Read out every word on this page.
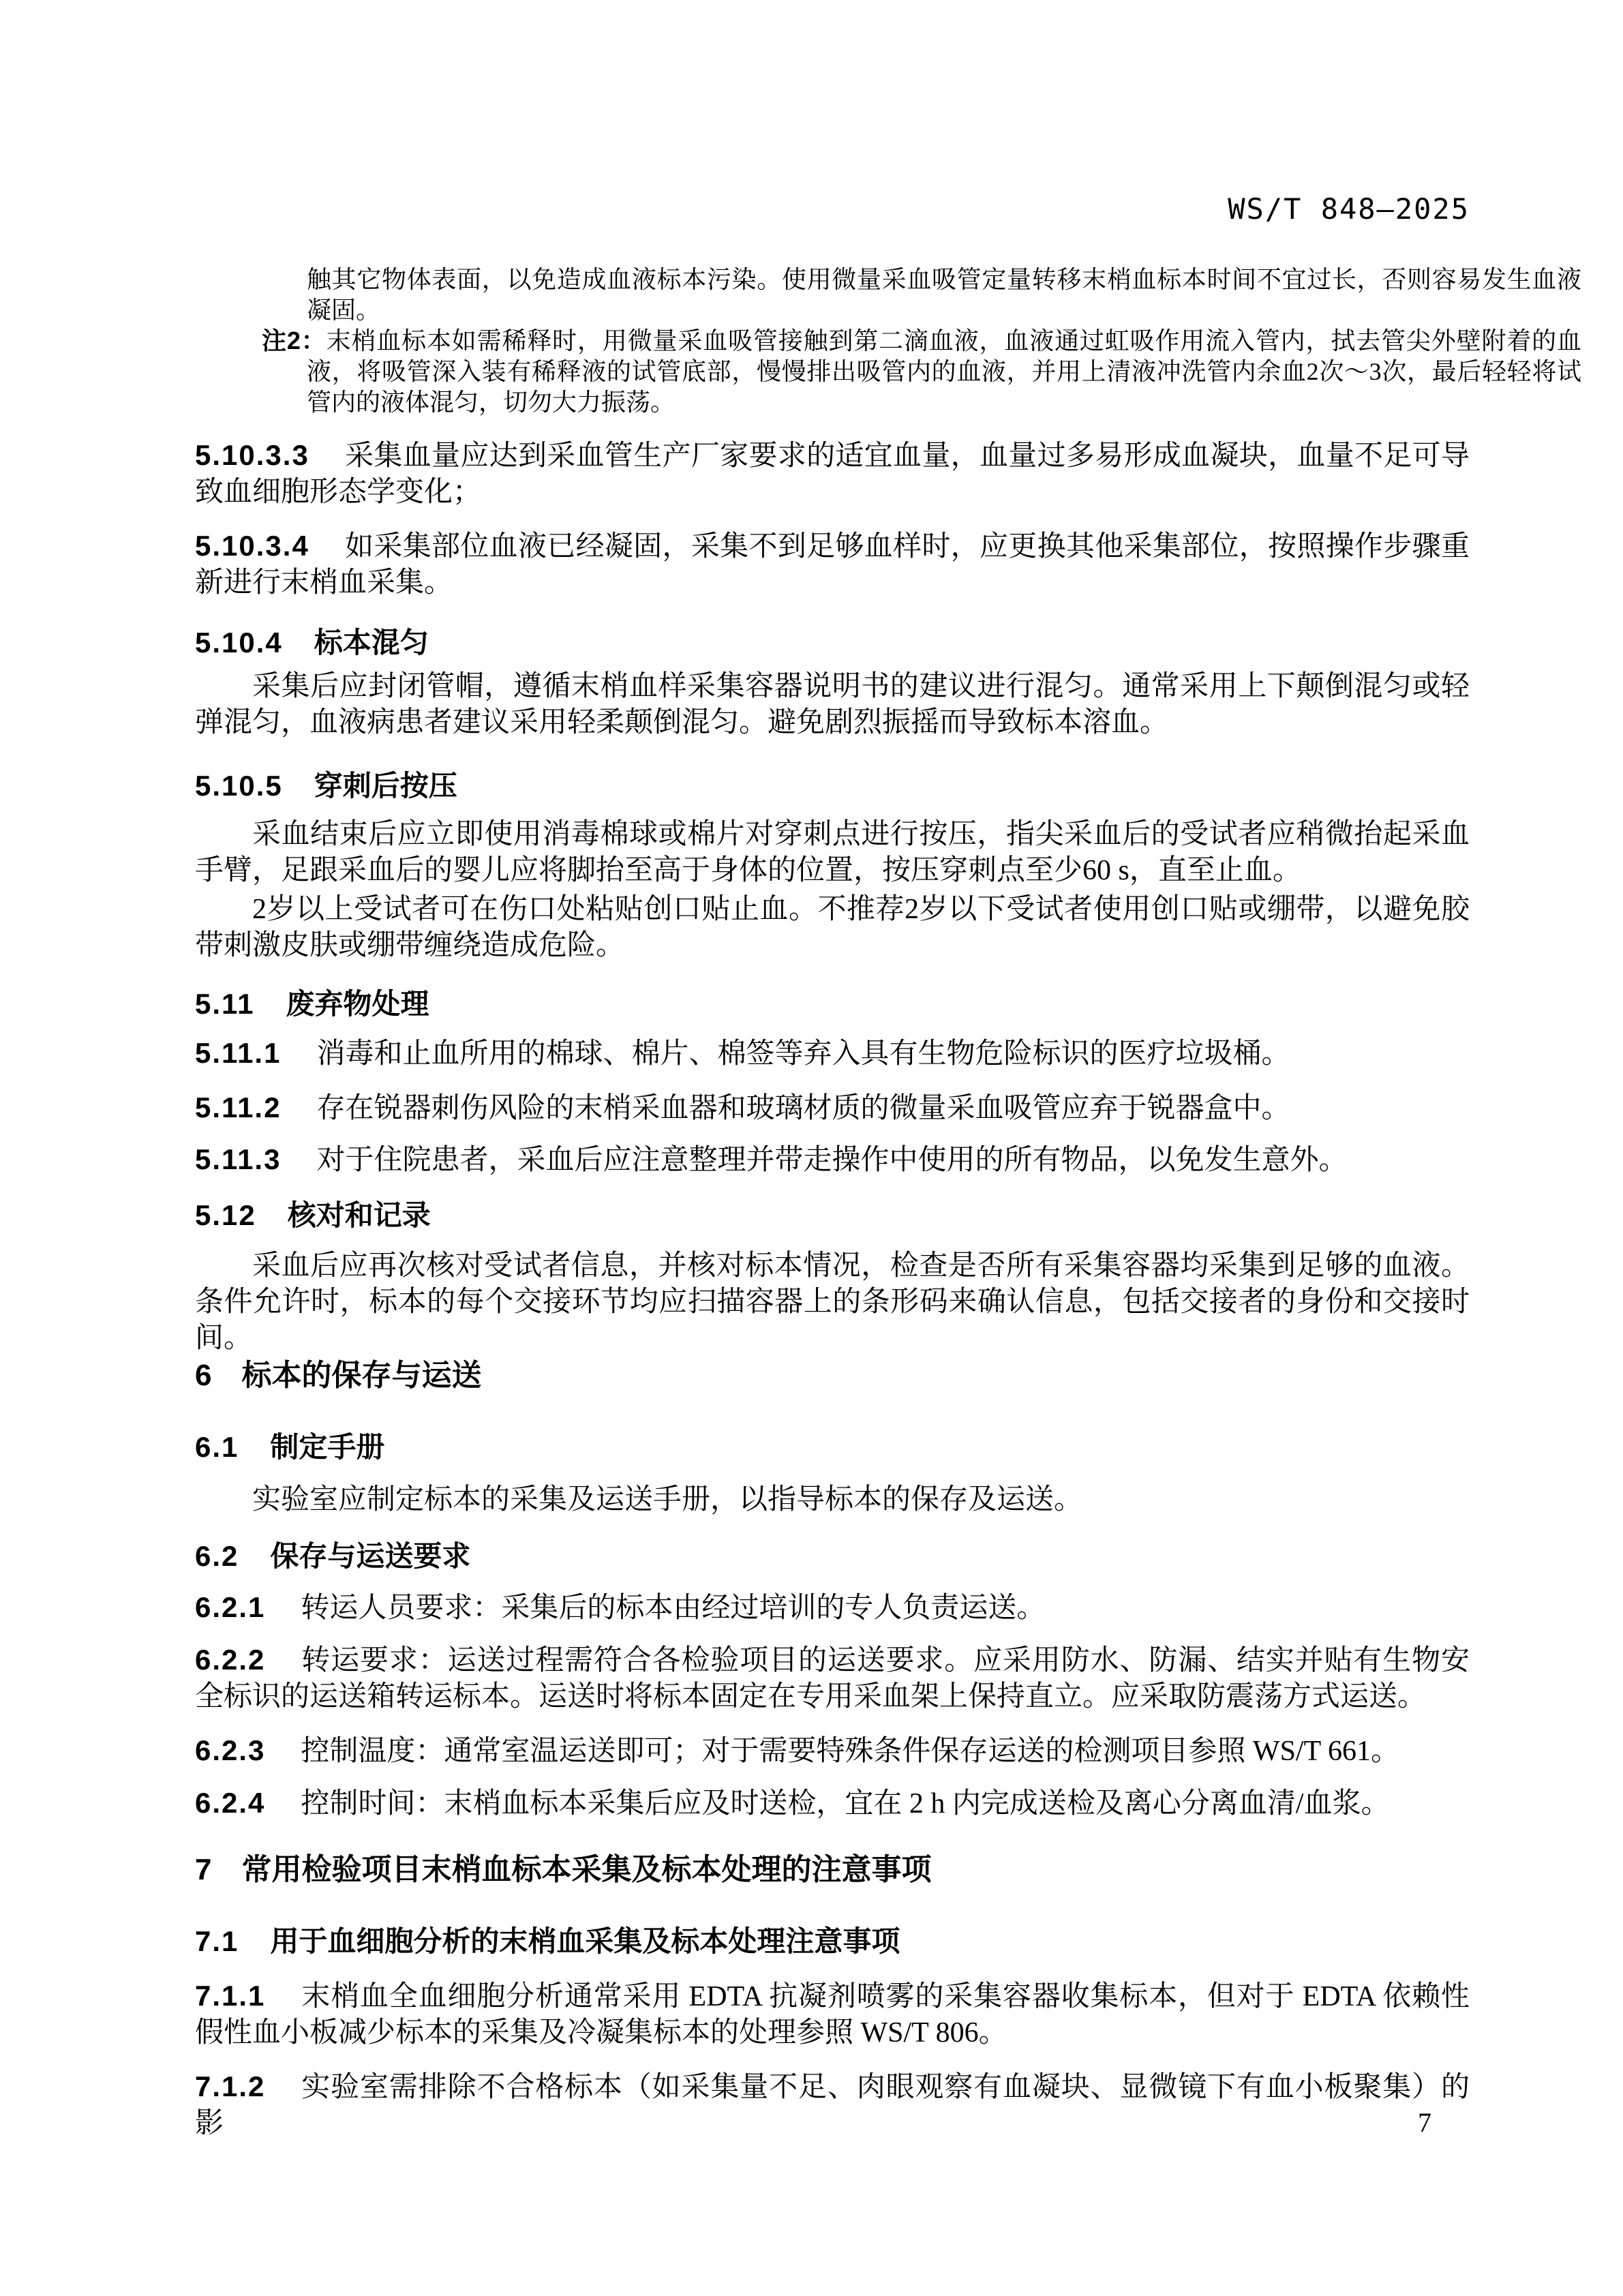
WS/T 848—2025
触其它物体表面，以免造成血液标本污染。使用微量采血吸管定量转移末梢血标本时间不宜过长，否则容易发生血液凝固。
注2：末梢血标本如需稀释时，用微量采血吸管接触到第二滴血液，血液通过虹吸作用流入管内，拭去管尖外壁附着的血液，将吸管深入装有稀释液的试管底部，慢慢排出吸管内的血液，并用上清液冲洗管内余血2次～3次，最后轻轻将试管内的液体混匀，切勿大力振荡。
5.10.3.3 采集血量应达到采血管生产厂家要求的适宜血量，血量过多易形成血凝块，血量不足可导致血细胞形态学变化；
5.10.3.4 如采集部位血液已经凝固，采集不到足够血样时，应更换其他采集部位，按照操作步骤重新进行末梢血采集。
5.10.4 标本混匀
采集后应封闭管帽，遵循末梢血样采集容器说明书的建议进行混匀。通常采用上下颠倒混匀或轻弹混匀，血液病患者建议采用轻柔颠倒混匀。避免剧烈振摇而导致标本溶血。
5.10.5 穿刺后按压
采血结束后应立即使用消毒棉球或棉片对穿刺点进行按压，指尖采血后的受试者应稍微抬起采血手臂，足跟采血后的婴儿应将脚抬至高于身体的位置，按压穿刺点至少60 s，直至止血。
2岁以上受试者可在伤口处粘贴创口贴止血。不推荐2岁以下受试者使用创口贴或绷带，以避免胶带刺激皮肤或绷带缠绕造成危险。
5.11 废弃物处理
5.11.1 消毒和止血所用的棉球、棉片、棉签等弃入具有生物危险标识的医疗垃圾桶。
5.11.2 存在锐器刺伤风险的末梢采血器和玻璃材质的微量采血吸管应弃于锐器盒中。
5.11.3 对于住院患者，采血后应注意整理并带走操作中使用的所有物品，以免发生意外。
5.12 核对和记录
采血后应再次核对受试者信息，并核对标本情况，检查是否所有采集容器均采集到足够的血液。条件允许时，标本的每个交接环节均应扫描容器上的条形码来确认信息，包括交接者的身份和交接时间。
6 标本的保存与运送
6.1 制定手册
实验室应制定标本的采集及运送手册，以指导标本的保存及运送。
6.2 保存与运送要求
6.2.1 转运人员要求：采集后的标本由经过培训的专人负责运送。
6.2.2 转运要求：运送过程需符合各检验项目的运送要求。应采用防水、防漏、结实并贴有生物安全标识的运送箱转运标本。运送时将标本固定在专用采血架上保持直立。应采取防震荡方式运送。
6.2.3 控制温度：通常室温运送即可；对于需要特殊条件保存运送的检测项目参照 WS/T 661。
6.2.4 控制时间：末梢血标本采集后应及时送检，宜在 2 h 内完成送检及离心分离血清/血浆。
7 常用检验项目末梢血标本采集及标本处理的注意事项
7.1 用于血细胞分析的末梢血采集及标本处理注意事项
7.1.1 末梢血全血细胞分析通常采用 EDTA 抗凝剂喷雾的采集容器收集标本，但对于 EDTA 依赖性假性血小板减少标本的采集及冷凝集标本的处理参照 WS/T 806。
7.1.2 实验室需排除不合格标本（如采集量不足、肉眼观察有血凝块、显微镜下有血小板聚集）的影	7
